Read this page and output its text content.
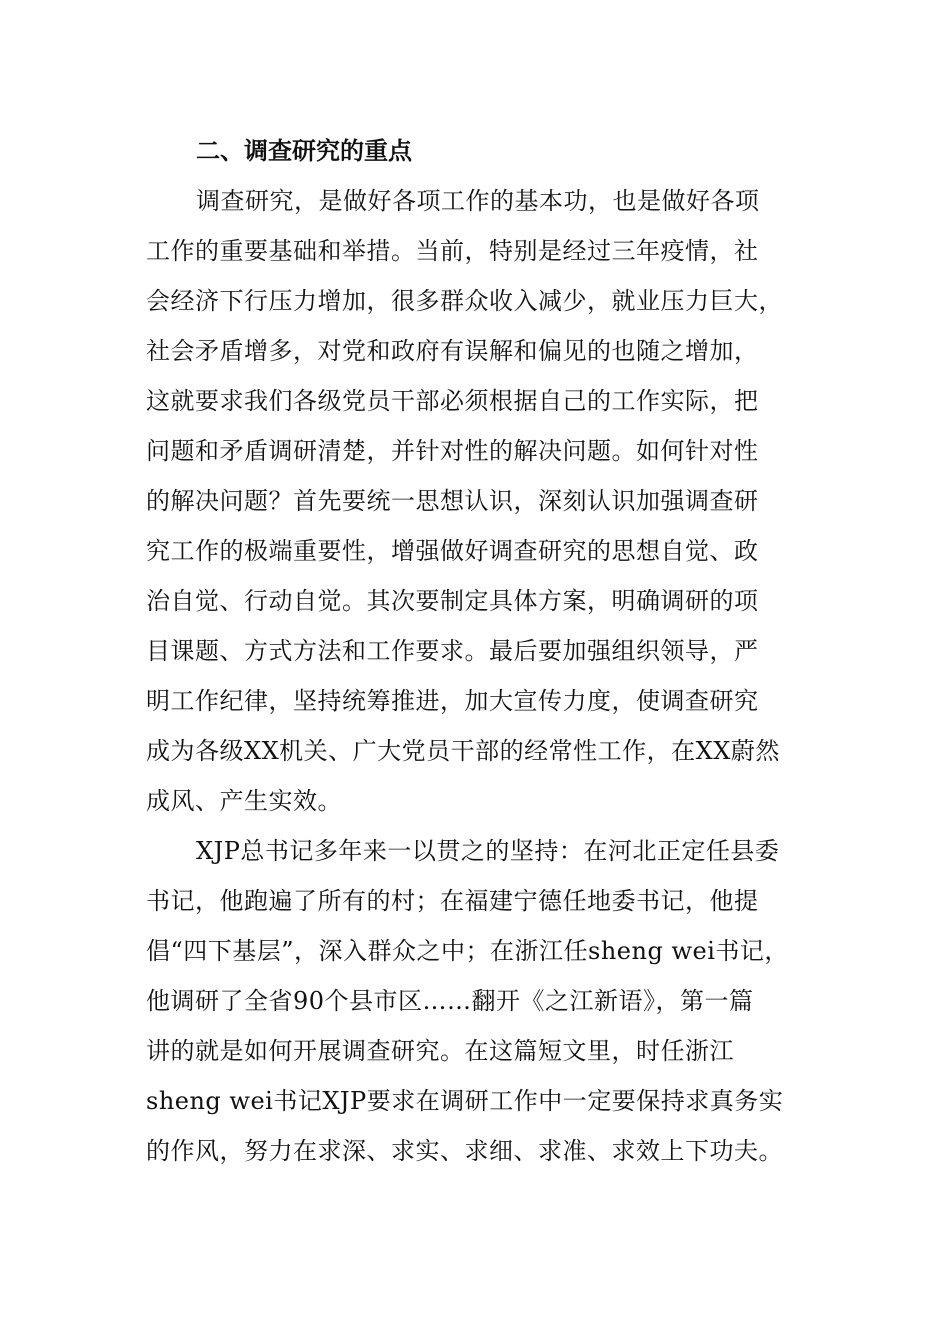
二、调查研究的重点
调查研究，是做好各项工作的基本功，也是做好各项
工作的重要基础和举措。当前，特别是经过三年疫情，社
会经济下行压力增加，很多群众收入减少，就业压力巨大，
社会矛盾增多，对党和政府有误解和偏见的也随之增加，
这就要求我们各级党员干部必须根据自己的工作实际，把
问题和矛盾调研清楚，并针对性的解决问题。如何针对性
的解决问题？首先要统一思想认识，深刻认识加强调查研
究工作的极端重要性，增强做好调查研究的思想自觉、政
治自觉、行动自觉。其次要制定具体方案，明确调研的项
目课题、方式方法和工作要求。最后要加强组织领导，严
明工作纪律，坚持统筹推进，加大宣传力度，使调查研究
成为各级XX机关、广大党员干部的经常性工作，在XX蔚然
成风、产生实效。
XJP总书记多年来一以贯之的坚持：在河北正定任县委
书记，他跑遍了所有的村；在福建宁德任地委书记，他提
倡“四下基层”，深入群众之中；在浙江任sheng wei书记，
他调研了全省90个县市区……翻开《之江新语》，第一篇
讲的就是如何开展调查研究。在这篇短文里，时任浙江
sheng wei书记XJP要求在调研工作中一定要保持求真务实
的作风，努力在求深、求实、求细、求准、求效上下功夫。
